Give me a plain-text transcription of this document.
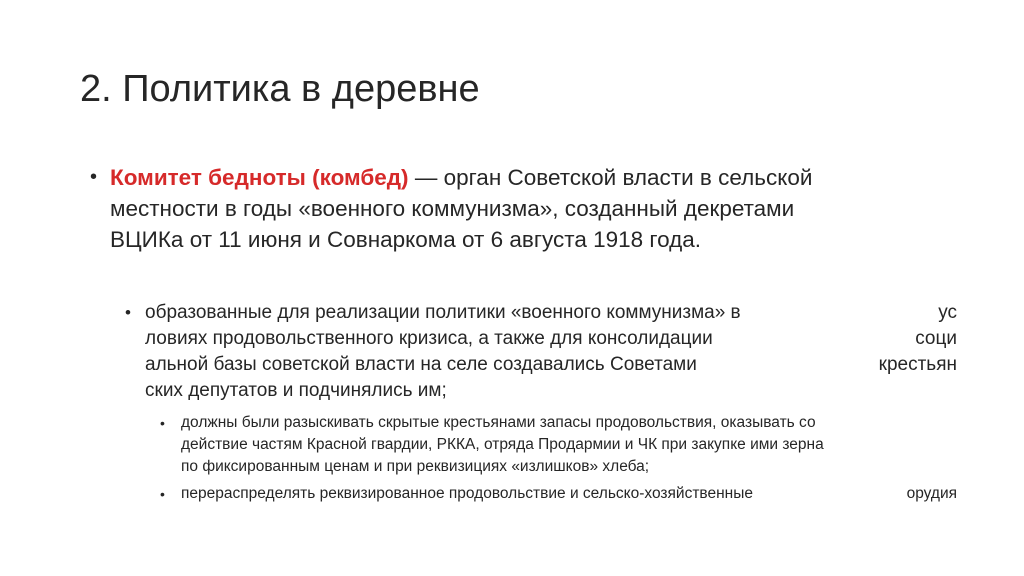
2. Политика в деревне
• Комитет бедноты (комбед) — орган Советской власти в сельской
местности в годы «военного коммунизма», созданный декретами
ВЦИКа от 11 июня и Совнаркома от 6 августа 1918 года.
• образованные для реализации политики «военного коммунизма» в	ус
ловиях продовольственного кризиса, а также для консолидации	соци
альной базы советской власти на селе создавались Советами	крестьян
ских депутатов и подчинялись им;
• должны были разыскивать скрытые крестьянами запасы продовольствия, оказывать со
действие частям Красной гвардии, РККА, отряда Продармии и ЧК при закупке ими зерна
по фиксированным ценам и при реквизициях «излишков» хлеба;
• перераспределять реквизированное продовольствие и сельско-хозяйственные	орудия
